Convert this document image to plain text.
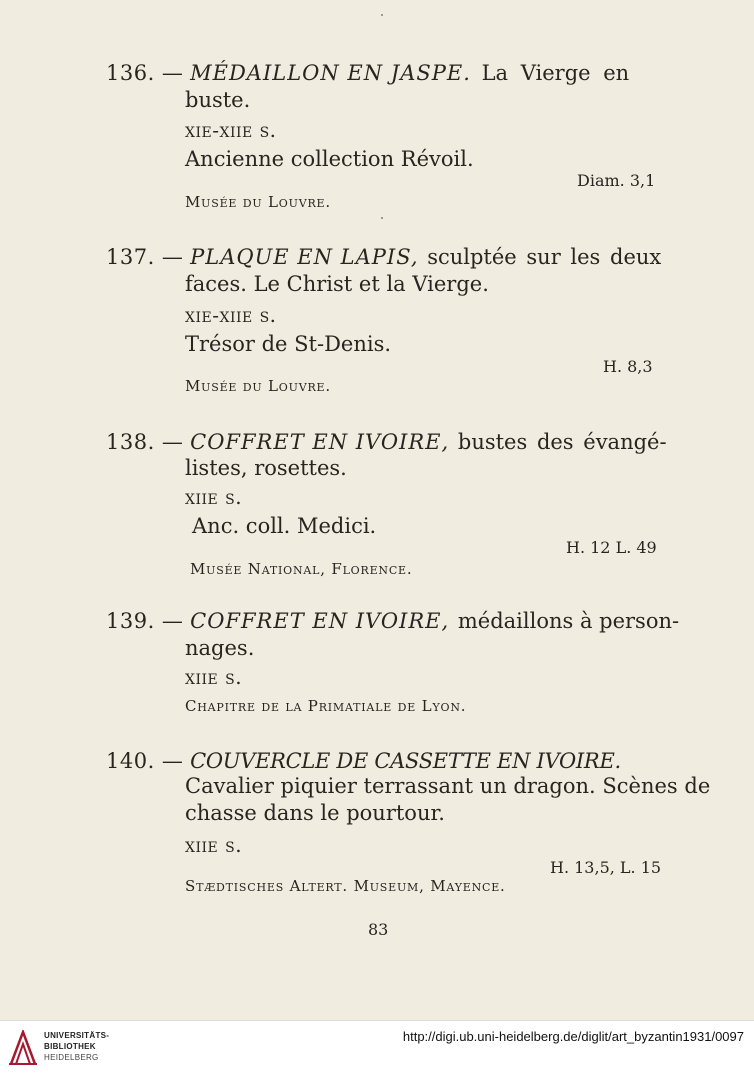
136. — MÉDAILLON EN JASPE. La Vierge en
buste.
xie-xiie s.
Ancienne collection Révoil.
Diam. 3,1
Musée du Louvre.
137. — PLAQUE EN LAPIS, sculptée sur les deux
faces. Le Christ et la Vierge.
xie-xiie s.
Trésor de St-Denis.
H. 8,3
Musée du Louvre.
138. — COFFRET EN IVOIRE, bustes des évangé-
listes, rosettes.
xiie s.
Anc. coll. Medici.
H. 12 L. 49
Musée National, Florence.
139. — COFFRET EN IVOIRE, médaillons à person-
nages.
xiie s.
Chapitre de la Primatiale de Lyon.
140. — COUVERCLE DE CASSETTE EN IVOIRE.
Cavalier piquier terrassant un dragon. Scènes de
chasse dans le pourtour.
xiie s.
H. 13,5, L. 15
Stædtisches Altert. Museum, Mayence.
83
UNIVERSITÄTS-
BIBLIOTHEK
HEIDELBERG
http://digi.ub.uni-heidelberg.de/diglit/art_byzantin1931/0097
